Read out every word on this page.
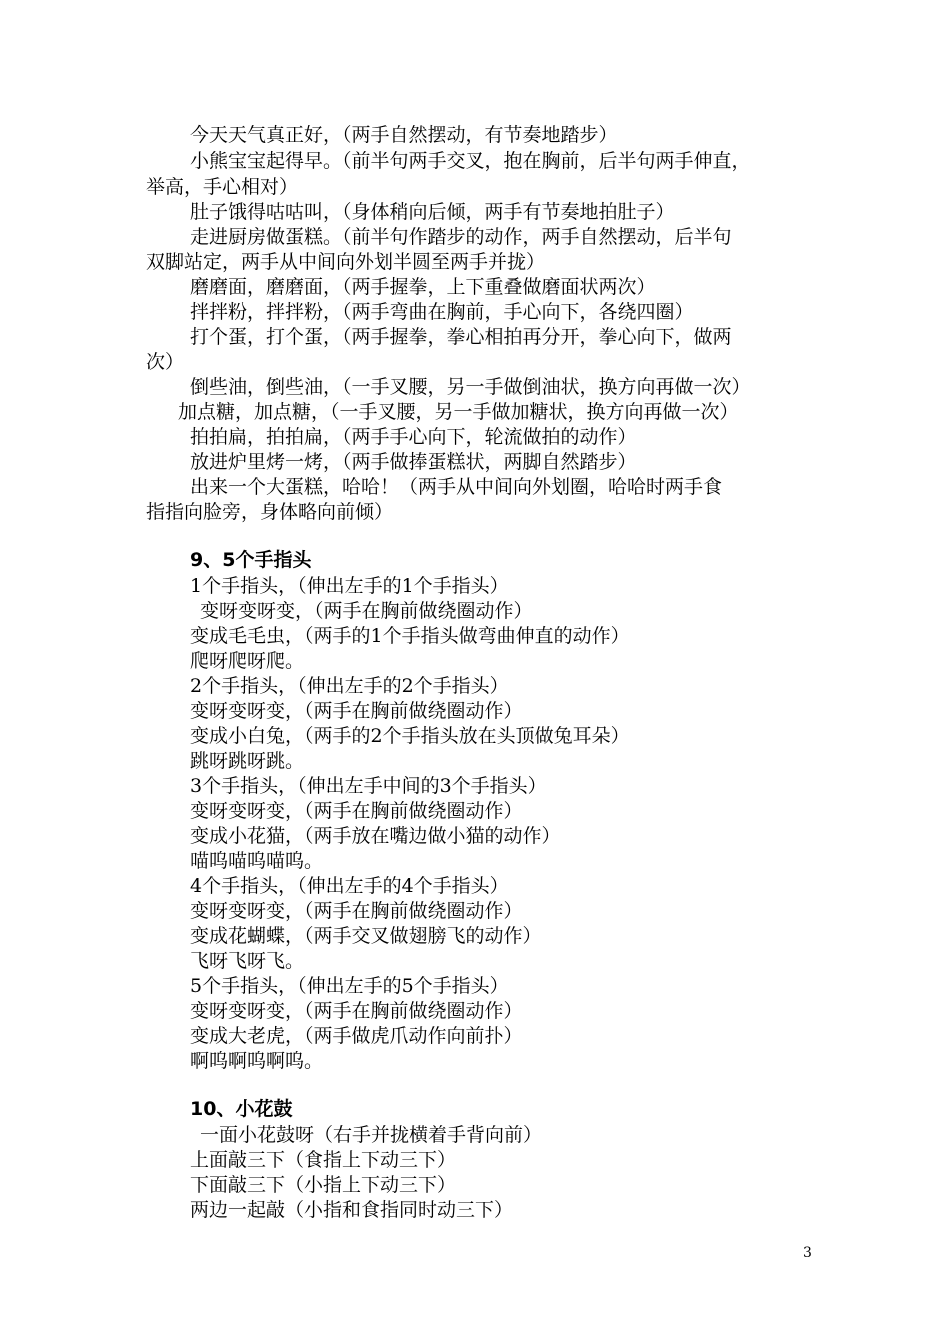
今天天气真正好，（两手自然摆动，有节奏地踏步）
小熊宝宝起得早。（前半句两手交叉，抱在胸前，后半句两手伸直，
举高，手心相对）
肚子饿得咕咕叫，（身体稍向后倾，两手有节奏地拍肚子）
走进厨房做蛋糕。（前半句作踏步的动作，两手自然摆动，后半句
双脚站定，两手从中间向外划半圆至两手并拢）
磨磨面，磨磨面，（两手握拳，上下重叠做磨面状两次）
拌拌粉，拌拌粉，（两手弯曲在胸前，手心向下，各绕四圈）
打个蛋，打个蛋，（两手握拳，拳心相拍再分开，拳心向下，做两
次）
倒些油，倒些油，（一手叉腰，另一手做倒油状，换方向再做一次）
加点糖，加点糖，（一手叉腰，另一手做加糖状，换方向再做一次）
拍拍扁，拍拍扁，（两手手心向下，轮流做拍的动作）
放进炉里烤一烤，（两手做捧蛋糕状，两脚自然踏步）
出来一个大蛋糕，哈哈！（两手从中间向外划圈，哈哈时两手食
指指向脸旁，身体略向前倾）
9、5个手指头
1个手指头，（伸出左手的1个手指头）
变呀变呀变，（两手在胸前做绕圈动作）
变成毛毛虫，（两手的1个手指头做弯曲伸直的动作）
爬呀爬呀爬。
2个手指头，（伸出左手的2个手指头）
变呀变呀变，（两手在胸前做绕圈动作）
变成小白兔，（两手的2个手指头放在头顶做兔耳朵）
跳呀跳呀跳。
3个手指头，（伸出左手中间的3个手指头）
变呀变呀变，（两手在胸前做绕圈动作）
变成小花猫，（两手放在嘴边做小猫的动作）
喵呜喵呜喵呜。
4个手指头，（伸出左手的4个手指头）
变呀变呀变，（两手在胸前做绕圈动作）
变成花蝴蝶，（两手交叉做翅膀飞的动作）
飞呀飞呀飞。
5个手指头，（伸出左手的5个手指头）
变呀变呀变，（两手在胸前做绕圈动作）
变成大老虎，（两手做虎爪动作向前扑）
啊呜啊呜啊呜。
10、小花鼓
一面小花鼓呀（右手并拢横着手背向前）
上面敲三下（食指上下动三下）
下面敲三下（小指上下动三下）
两边一起敲（小指和食指同时动三下）
3
